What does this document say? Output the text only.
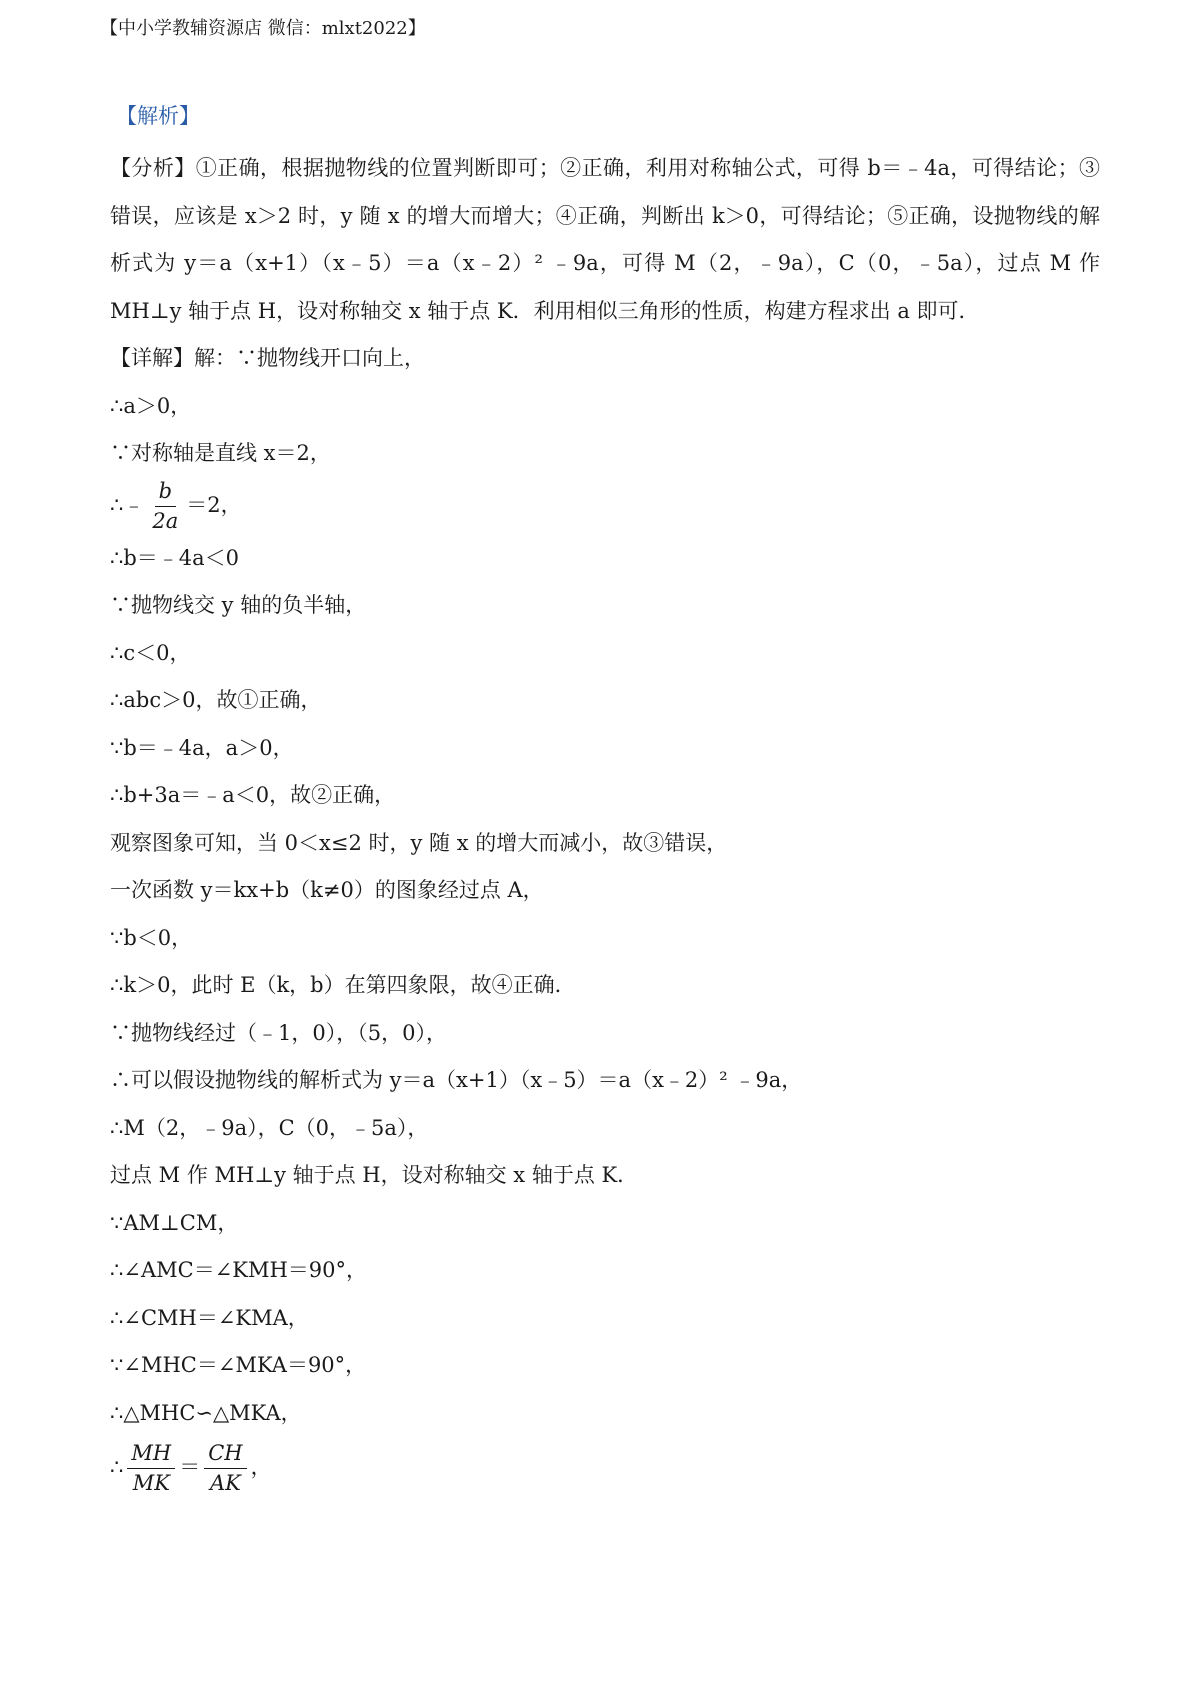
【中小学教辅资源店 微信：mlxt2022】
【解析】
【分析】①正确，根据抛物线的位置判断即可；②正确，利用对称轴公式，可得 b＝﹣4a，可得结论；③错误，应该是 x＞2 时，y 随 x 的增大而增大；④正确，判断出 k＞0，可得结论；⑤正确，设抛物线的解析式为 y＝a（x+1）（x﹣5）＝a（x﹣2）² ﹣9a，可得 M（2，﹣9a），C（0，﹣5a），过点 M 作 MH⊥y 轴于点 H，设对称轴交 x 轴于点 K．利用相似三角形的性质，构建方程求出 a 即可．
【详解】解：∵抛物线开口向上，
∴a＞0，
∵对称轴是直线 x＝2，
∴﹣ $\frac{b}{2a} =2$，
∴b＝﹣4a＜0
∵抛物线交 y 轴的负半轴，
∴c＜0，
∴abc＞0，故①正确，
∵b＝﹣4a，a＞0，
∴b+3a＝﹣a＜0，故②正确，
观察图象可知，当 0＜x≤2 时，y 随 x 的增大而减小，故③错误，
一次函数 y＝kx+b（k≠0）的图象经过点 A，
∵b＜0，
∴k＞0，此时 E（k，b）在第四象限，故④正确．
∵抛物线经过（﹣1，0），（5，0），
∴可以假设抛物线的解析式为 y＝a（x+1）（x﹣5）＝a（x﹣2）² ﹣9a，
∴M（2，﹣9a），C（0，﹣5a），
过点 M 作 MH⊥y 轴于点 H，设对称轴交 x 轴于点 K．
∵AM⊥CM，
∴∠AMC＝∠KMH＝90°，
∴∠CMH＝∠KMA，
∵∠MHC＝∠MKA＝90°，
∴△MHC∽△MKA，
∴ $\frac{MH}{MK} = \frac{CH}{AK}$ ，
